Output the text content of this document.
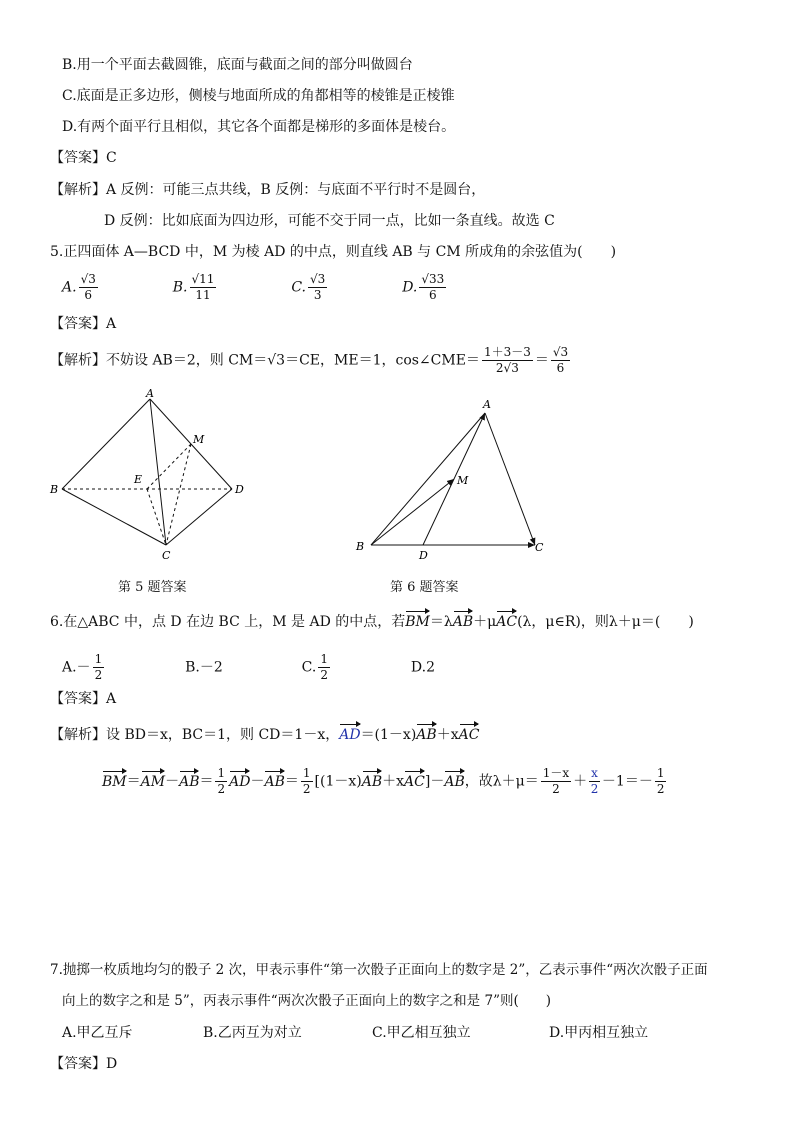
B.用一个平面去截圆锥，底面与截面之间的部分叫做圆台
C.底面是正多边形，侧棱与地面所成的角都相等的棱锥是正棱锥
D.有两个面平行且相似，其它各个面都是梯形的多面体是棱台。
【答案】C
【解析】A 反例：可能三点共线，B 反例：与底面不平行时不是圆台，
D 反例：比如底面为四边形，可能不交于同一点，比如一条直线。故选 C
5.正四面体 A—BCD 中，M 为棱 AD 的中点，则直线 AB 与 CM 所成角的余弦值为(　　)
A. $\frac{√3}{6}$	B. $\frac{√11}{11}$	C. $\frac{√3}{3}$	D. $\frac{√33}{6}$
【答案】A
【解析】不妨设 AB＝2，则 CM＝√3＝CE，ME＝1，cos∠CME＝ $\frac{1+3-3}{2√3} = \frac{√3}{6}$
A
B
C
D
E
M
第 5 题答案
A
B	C
D
M
第 6 题答案
6.在△ABC 中，点 D 在边 BC 上，M 是 AD 的中点，若BM＝λAB＋μAC(λ，μ∈R)，则λ＋μ＝(　　)
$A.- \frac{1}{2}$	B.－2	C. $\frac{1}{2}$	D.2
【答案】A
【解析】设 BD＝x，BC＝1，则 CD＝1－x，AD＝(1－x)AB＋xAC
$BM=AM-AB= \frac{1}{2} AD-AB= \frac{1}{2} [(1-x)AB+xAC]-AB$，故$\lambda+\mu= \frac{1-x}{2} + \frac{x}{2} -1=- \frac{1}{2}$
7.抛掷一枚质地均匀的骰子 2 次，甲表示事件“第一次骰子正面向上的数字是 2”，乙表示事件“两次次骰子正面
向上的数字之和是 5”，丙表示事件“两次次骰子正面向上的数字之和是 7”则(　　)
A.甲乙互斥	B.乙丙互为对立	C.甲乙相互独立	D.甲丙相互独立
【答案】D
